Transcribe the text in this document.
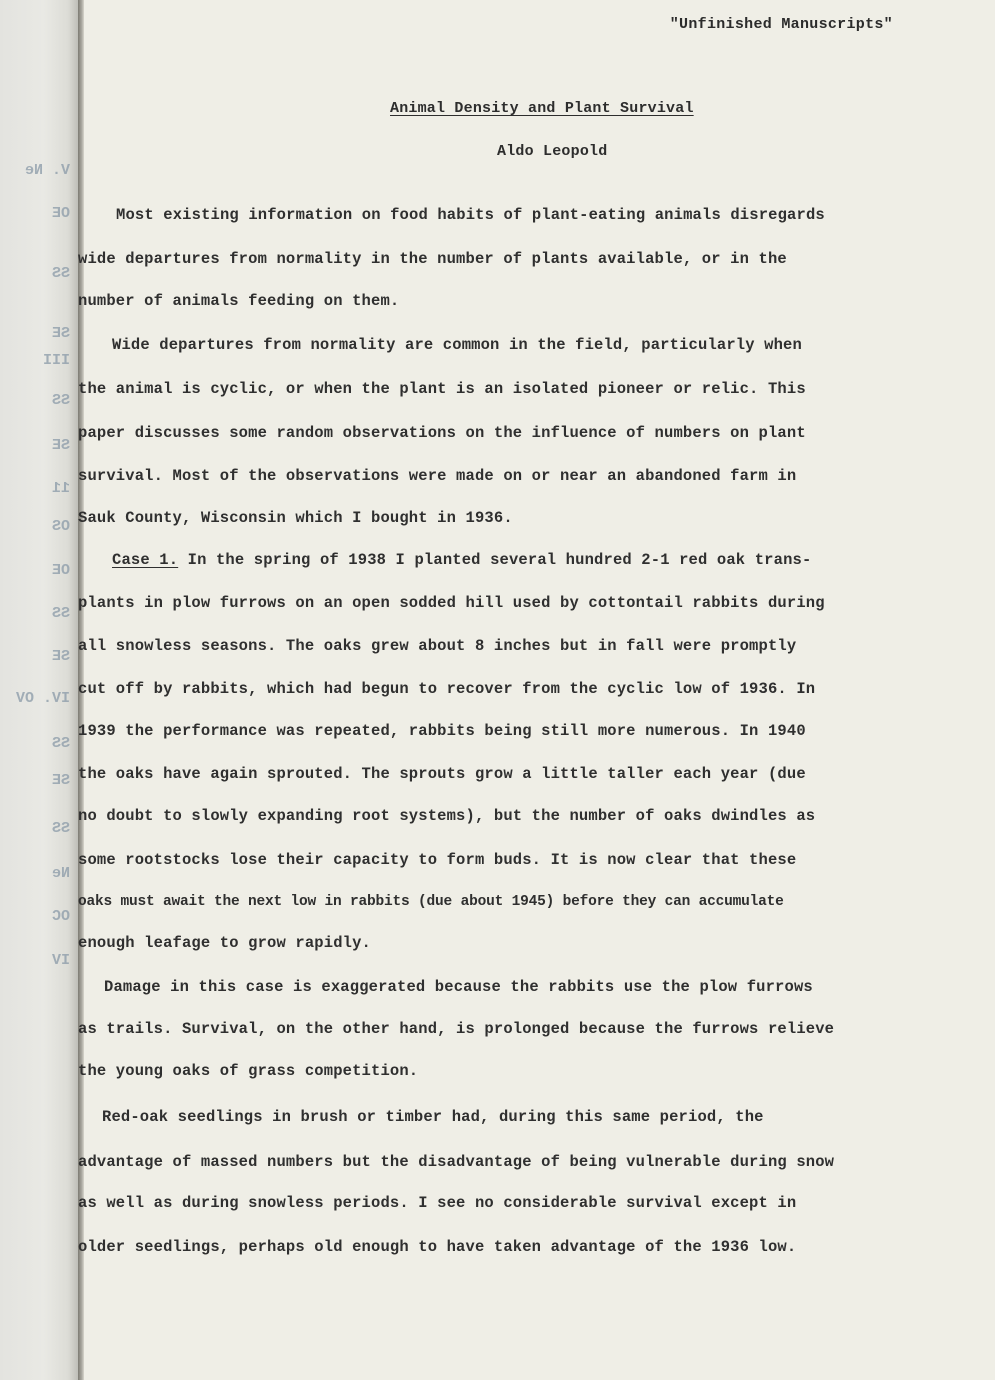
V. Ne
OE
SS
SE
III
SS
SE
11
OS
OE
SS
SE
IV. OV
SS
SE
SS
Ne
OC
IV
"Unfinished Manuscripts"
Animal Density and Plant Survival
Aldo Leopold
Most existing information on food habits of plant-eating animals disregards
wide departures from normality in the number of plants available, or in the
number of animals feeding on them.
Wide departures from normality are common in the field, particularly when
the animal is cyclic, or when the plant is an isolated pioneer or relic. This
paper discusses some random observations on the influence of numbers on plant
survival. Most of the observations were made on or near an abandoned farm in
Sauk County, Wisconsin which I bought in 1936.
Case 1. In the spring of 1938 I planted several hundred 2-1 red oak trans-
plants in plow furrows on an open sodded hill used by cottontail rabbits during
all snowless seasons. The oaks grew about 8 inches but in fall were promptly
cut off by rabbits, which had begun to recover from the cyclic low of 1936. In
1939 the performance was repeated, rabbits being still more numerous. In 1940
the oaks have again sprouted. The sprouts grow a little taller each year (due
no doubt to slowly expanding root systems), but the number of oaks dwindles as
some rootstocks lose their capacity to form buds. It is now clear that these
oaks must await the next low in rabbits (due about 1945) before they can accumulate
enough leafage to grow rapidly.
Damage in this case is exaggerated because the rabbits use the plow furrows
as trails. Survival, on the other hand, is prolonged because the furrows relieve
the young oaks of grass competition.
Red-oak seedlings in brush or timber had, during this same period, the
advantage of massed numbers but the disadvantage of being vulnerable during snow
as well as during snowless periods. I see no considerable survival except in
older seedlings, perhaps old enough to have taken advantage of the 1936 low.
